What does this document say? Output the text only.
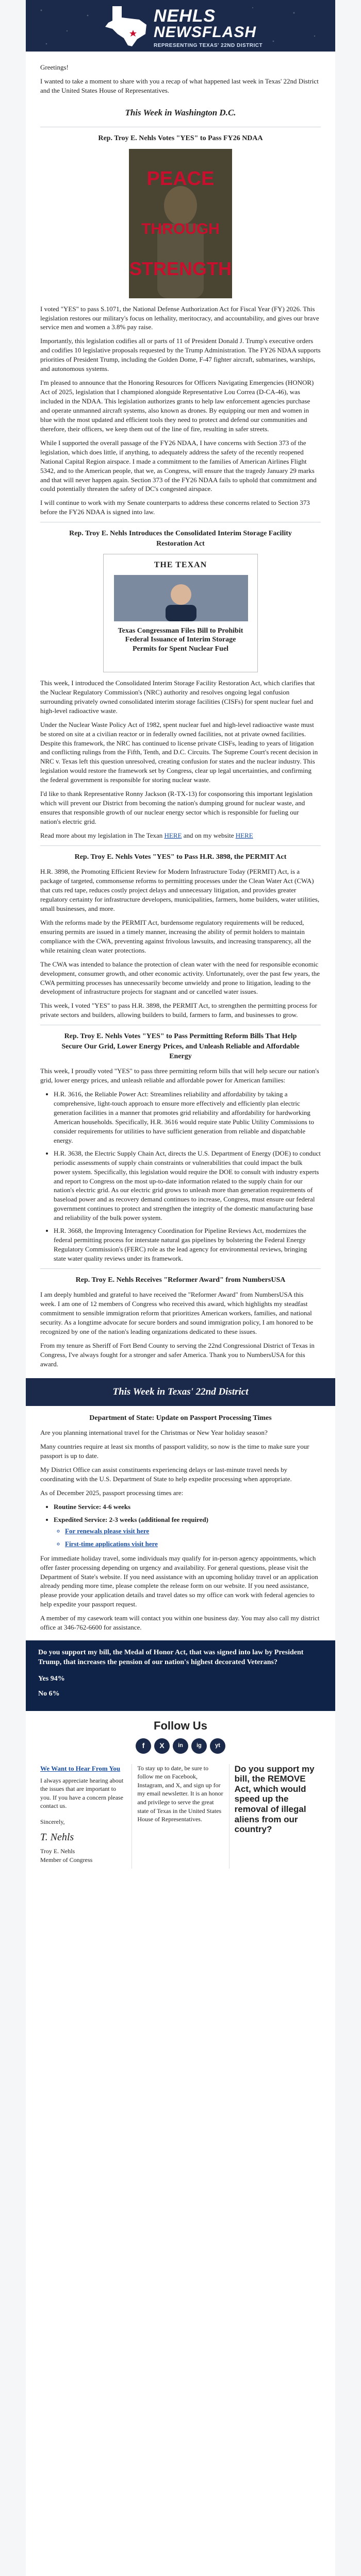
NEHLS
NEWSFLASH
REPRESENTING TEXAS' 22ND DISTRICT

Greetings!

I wanted to take a moment to share with you a recap of what happened last week in Texas' 22nd District and the United States House of Representatives.

This Week in Washington D.C.
Rep. Troy E. Nehls Votes "YES" to Pass FY26 NDAA
PEACE
THROUGH
STRENGTH

I voted "YES" to pass S.1071, the National Defense Authorization Act for Fiscal Year (FY) 2026. This legislation restores our military's focus on lethality, meritocracy, and accountability, and gives our brave service men and women a 3.8% pay raise.

Importantly, this legislation codifies all or parts of 11 of President Donald J. Trump's executive orders and codifies 10 legislative proposals requested by the Trump Administration. The FY26 NDAA supports priorities of President Trump, including the Golden Dome, F-47 fighter aircraft, submarines, warships, and autonomous systems.

I'm pleased to announce that the Honoring Resources for Officers Navigating Emergencies (HONOR) Act of 2025, legislation that I championed alongside Representative Lou Correa (D-CA-46), was included in the NDAA. This legislation authorizes grants to help law enforcement agencies purchase and operate unmanned aircraft systems, also known as drones. By equipping our men and women in blue with the most updated and efficient tools they need to protect and defend our communities and therefore, their officers, we keep them out of the line of fire, resulting in safer streets.

While I supported the overall passage of the FY26 NDAA, I have concerns with Section 373 of the legislation, which does little, if anything, to adequately address the safety of the recently reopened National Capital Region airspace. I made a commitment to the families of American Airlines Flight 5342, and to the American people, that we, as Congress, will ensure that the tragedy January 29 marks and that will never happen again. Section 373 of the FY26 NDAA fails to uphold that commitment and could potentially threaten the safety of DC's congested airspace.

I will continue to work with my Senate counterparts to address these concerns related to Section 373 before the FY26 NDAA is signed into law.

Rep. Troy E. Nehls Introduces the Consolidated Interim Storage Facility Restoration Act
THE TEXAN
Texas Congressman Files Bill to Prohibit Federal Issuance of Interim Storage Permits for Spent Nuclear Fuel

This week, I introduced the Consolidated Interim Storage Facility Restoration Act, which clarifies that the Nuclear Regulatory Commission's (NRC) authority and resolves ongoing legal confusion surrounding privately owned consolidated interim storage facilities (CISFs) for spent nuclear fuel and high-level radioactive waste.

Under the Nuclear Waste Policy Act of 1982, spent nuclear fuel and high-level radioactive waste must be stored on site at a civilian reactor or in federally owned facilities, not at private owned facilities. Despite this framework, the NRC has continued to license private CISFs, leading to years of litigation and conflicting rulings from the Fifth, Tenth, and D.C. Circuits. The Supreme Court's recent decision in NRC v. Texas left this question unresolved, creating confusion for states and the nuclear industry. This legislation would restore the framework set by Congress, clear up legal uncertainties, and confirming the federal government is responsible for storing nuclear waste.

I'd like to thank Representative Ronny Jackson (R-TX-13) for cosponsoring this important legislation which will prevent our District from becoming the nation's dumping ground for nuclear waste, and ensures that responsible growth of our nuclear energy sector which is responsible for fueling our nation's electric grid.

Read more about my legislation in The Texan HERE and on my website HERE

Rep. Troy E. Nehls Votes "YES" to Pass H.R. 3898, the PERMIT Act

H.R. 3898, the Promoting Efficient Review for Modern Infrastructure Today (PERMIT) Act, is a package of targeted, commonsense reforms to permitting processes under the Clean Water Act (CWA) that cuts red tape, reduces costly project delays and unnecessary litigation, and provides greater regulatory certainty for infrastructure developers, municipalities, farmers, home builders, water utilities, small businesses, and more.

With the reforms made by the PERMIT Act, burdensome regulatory requirements will be reduced, ensuring permits are issued in a timely manner, increasing the ability of permit holders to maintain compliance with the CWA, preventing against frivolous lawsuits, and increasing transparency, all the while retaining clean water protections.

The CWA was intended to balance the protection of clean water with the need for responsible economic development, consumer growth, and other economic activity. Unfortunately, over the past few years, the CWA permitting processes has unnecessarily become unwieldy and prone to litigation, leading to the development of infrastructure projects for stagnant and or cancelled water issues.

This week, I voted "YES" to pass H.R. 3898, the PERMIT Act, to strengthen the permitting process for private sectors and builders, allowing builders to build, farmers to farm, and businesses to grow.

Rep. Troy E. Nehls Votes "YES" to Pass Permitting Reform Bills That Help Secure Our Grid, Lower Energy Prices, and Unleash Reliable and Affordable Energy

This week, I proudly voted "YES" to pass three permitting reform bills that will help secure our nation's grid, lower energy prices, and unleash reliable and affordable power for American families:

• H.R. 3616, the Reliable Power Act: Streamlines reliability and affordability by taking a comprehensive, light-touch approach to ensure more effectively and efficiently plan electric generation facilities in a manner that promotes grid reliability and affordability for hardworking American households. Specifically, H.R. 3616 would require state Public Utility Commissions to consider requirements for utilities to have sufficient generation from reliable and dispatchable energy.
• H.R. 3638, the Electric Supply Chain Act, directs the U.S. Department of Energy (DOE) to conduct periodic assessments of supply chain constraints or vulnerabilities that could impact the bulk power system. Specifically, this legislation would require the DOE to consult with industry experts and report to Congress on the most up-to-date information related to the supply chain for our nation's electric grid. As our electric grid grows to unleash more than generation requirements of baseload power and as recovery demand continues to increase, Congress, must ensure our federal government continues to protect and strengthen the integrity of the domestic manufacturing base and reliability of the bulk power system.
• H.R. 3668, the Improving Interagency Coordination for Pipeline Reviews Act, modernizes the federal permitting process for interstate natural gas pipelines by bolstering the Federal Energy Regulatory Commission's (FERC) role as the lead agency for environmental reviews, bringing state water quality reviews under its framework.
Rep. Troy E. Nehls Receives "Reformer Award" from NumbersUSA

I am deeply humbled and grateful to have received the "Reformer Award" from NumbersUSA this week. I am one of 12 members of Congress who received this award, which highlights my steadfast commitment to sensible immigration reform that prioritizes American workers, families, and national security. As a longtime advocate for secure borders and sound immigration policy, I am honored to be recognized by one of the nation's leading organizations dedicated to these issues.

From my tenure as Sheriff of Fort Bend County to serving the 22nd Congressional District of Texas in Congress, I've always fought for a stronger and safer America. Thank you to NumbersUSA for this award.

This Week in Texas' 22nd District
Department of State: Update on Passport Processing Times

Are you planning international travel for the Christmas or New Year holiday season?

Many countries require at least six months of passport validity, so now is the time to make sure your passport is up to date.

My District Office can assist constituents experiencing delays or last-minute travel needs by coordinating with the U.S. Department of State to help expedite processing when appropriate.

As of December 2025, passport processing times are:

• Routine Service: 4-6 weeks
• Expedited Service: 2-3 weeks (additional fee required)
◦ For renewals please visit here
◦ First-time applications visit here

For immediate holiday travel, some individuals may qualify for in-person agency appointments, which offer faster processing depending on urgency and availability. For general questions, please visit the Department of State's website. If you need assistance with an upcoming holiday travel or an application already pending more time, please complete the release form on our website. If you need assistance, please provide your application details and travel dates so my office can work with federal agencies to help expedite your passport request.

A member of my casework team will contact you within one business day. You may also call my district office at 346-762-6600 for assistance.

Do you support my bill, the Medal of Honor Act, that was signed into law by President Trump, that increases the pension of our nation's highest decorated Veterans?
Yes 94%
No 6%
Follow Us
f	X	in	ig	yt
We Want to Hear From You

I always appreciate hearing about the issues that are important to you. If you have a concern please contact us.

Sincerely,

T. Nehls

Troy E. Nehls

Member of Congress

To stay up to date, be sure to follow me on Facebook, Instagram, and X, and sign up for my email newsletter. It is an honor and privilege to serve the great state of Texas in the United States House of Representatives.

Do you support my bill, the REMOVE Act, which would speed up the removal of illegal aliens from our country?
